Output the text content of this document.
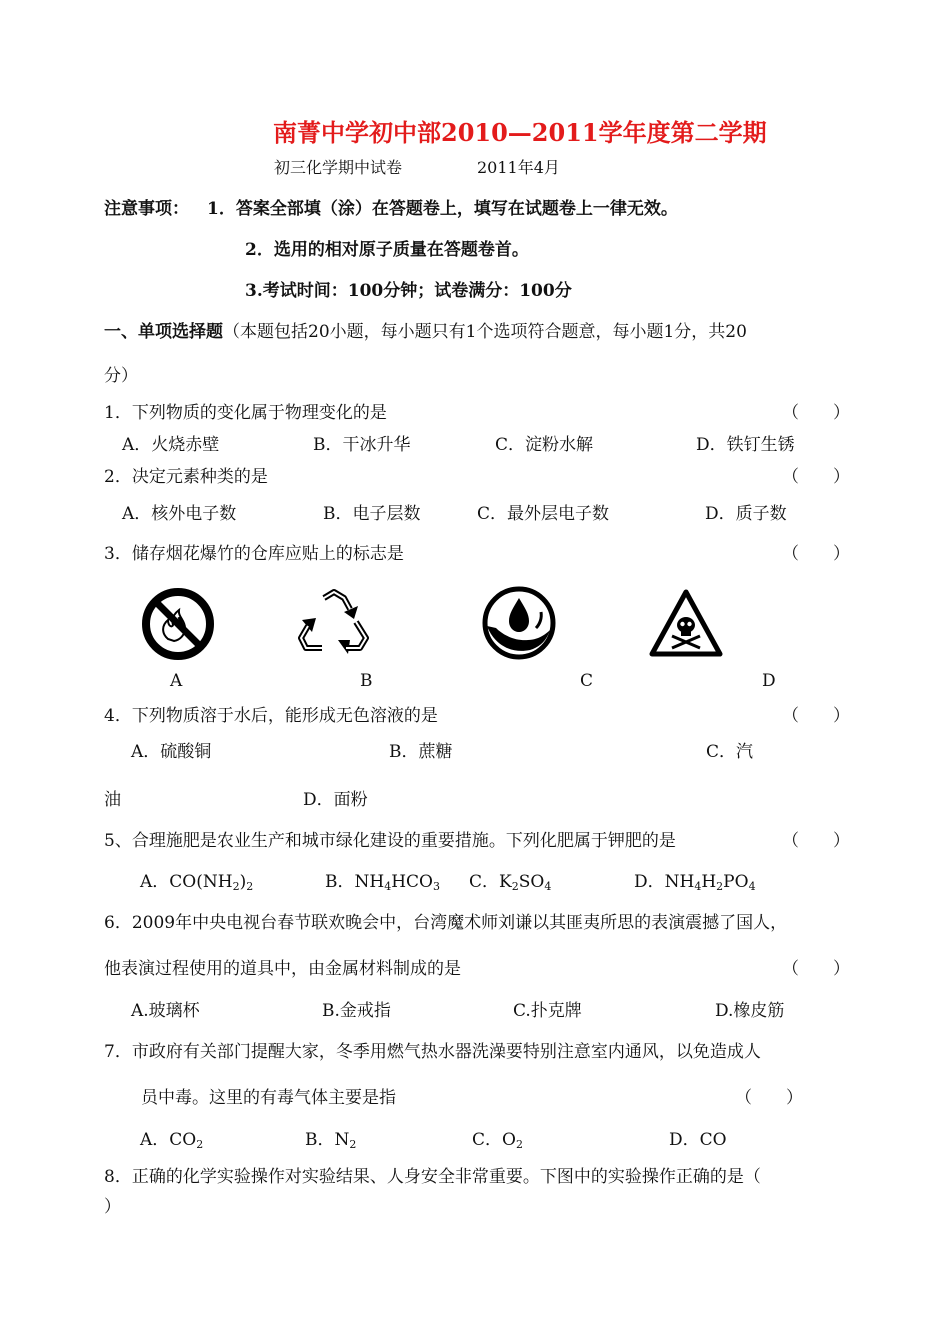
南菁中学初中部2010—2011学年度第二学期
初三化学期中试卷	2011年4月
注意事项： 1．答案全部填（涂）在答题卷上，填写在试题卷上一律无效。
2．选用的相对原子质量在答题卷首。
3.考试时间：100分钟；试卷满分：100分
一、单项选择题（本题包括20小题，每小题只有1个选项符合题意，每小题1分，共20
分）
1．下列物质的变化属于物理变化的是	（　　）
A．火烧赤壁	B．干冰升华	C．淀粉水解	D．铁钉生锈
2．决定元素种类的是	（　　）
A．核外电子数	B．电子层数	C．最外层电子数	D．质子数
3．储存烟花爆竹的仓库应贴上的标志是	（　　）
A	B	C	D
4．下列物质溶于水后，能形成无色溶液的是	（　　）
A．硫酸铜	B．蔗糖	C．汽
油	D．面粉
5、合理施肥是农业生产和城市绿化建设的重要措施。下列化肥属于钾肥的是	（　　）
A．$CO(NH_2)_2$	B．$NH_4HCO_3$ C．$K_2SO_4$	D．$NH_4H_2PO_4$
6．2009年中央电视台春节联欢晚会中，台湾魔术师刘谦以其匪夷所思的表演震撼了国人，
他表演过程使用的道具中，由金属材料制成的是	（　　）
A.玻璃杯	B.金戒指	C.扑克牌	D.橡皮筋
7．市政府有关部门提醒大家，冬季用燃气热水器洗澡要特别注意室内通风，以免造成人
员中毒。这里的有毒气体主要是指	（　　）
A．$CO_2$	B．$N_2$	C．$O_2$	D．CO
8．正确的化学实验操作对实验结果、人身安全非常重要。下图中的实验操作正确的是（
）
